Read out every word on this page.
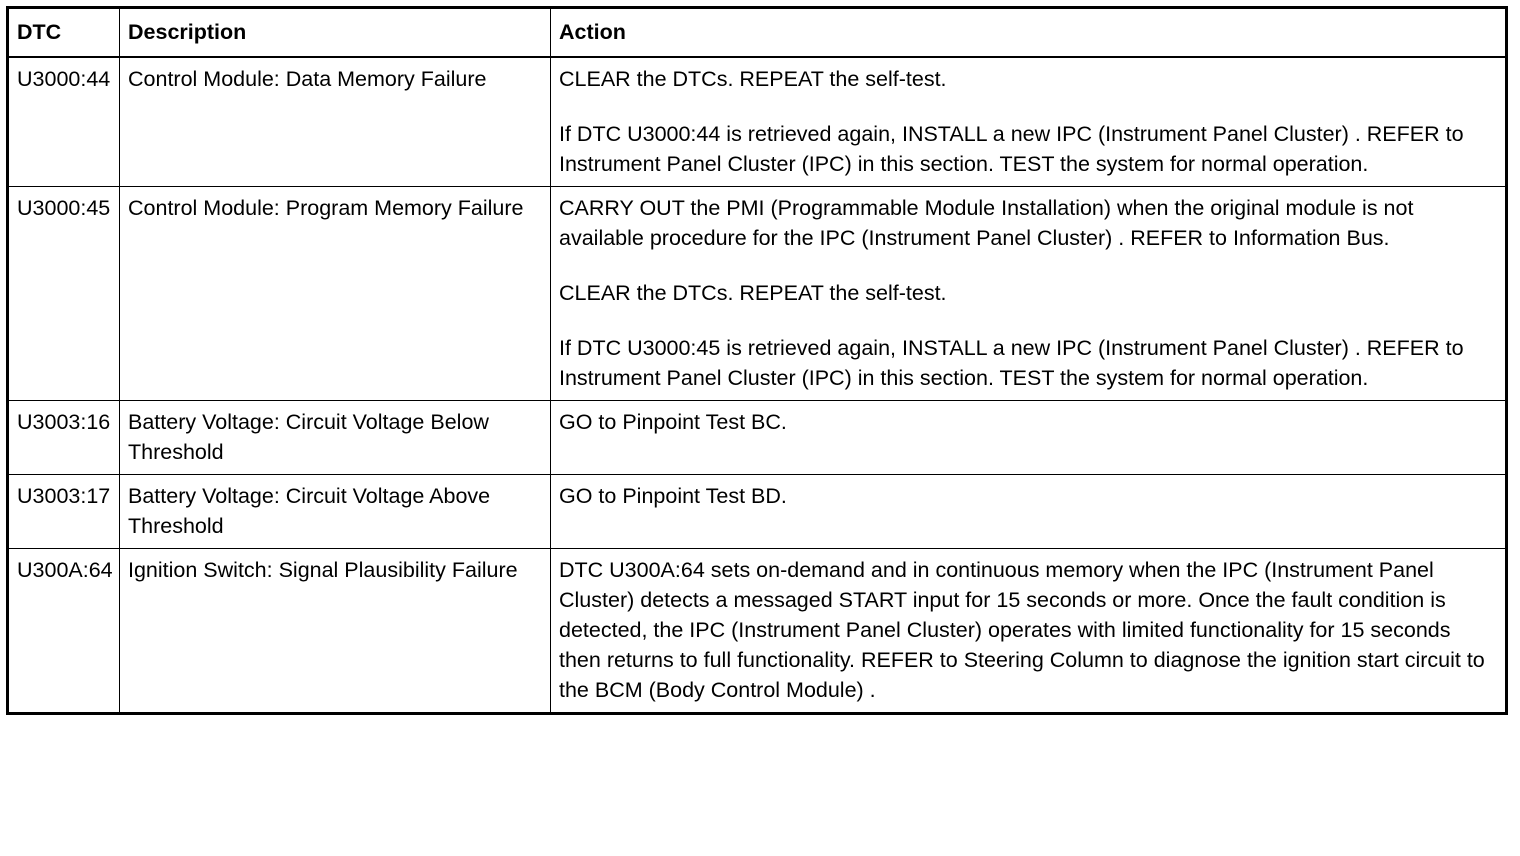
DTC	Description	Action
U3000:44	Control Module: Data Memory Failure	CLEAR the DTCs. REPEAT the self-test.

If DTC U3000:44 is retrieved again, INSTALL a new IPC (Instrument Panel Cluster) . REFER to Instrument Panel Cluster (IPC) in this section. TEST the system for normal operation.

U3000:45	Control Module: Program Memory Failure	CARRY OUT the PMI (Programmable Module Installation) when the original module is not available procedure for the IPC (Instrument Panel Cluster) . REFER to Information Bus.

CLEAR the DTCs. REPEAT the self-test.

If DTC U3000:45 is retrieved again, INSTALL a new IPC (Instrument Panel Cluster) . REFER to Instrument Panel Cluster (IPC) in this section. TEST the system for normal operation.

U3003:16	Battery Voltage: Circuit Voltage Below Threshold	GO to Pinpoint Test BC.

U3003:17	Battery Voltage: Circuit Voltage Above Threshold	GO to Pinpoint Test BD.

U300A:64	Ignition Switch: Signal Plausibility Failure	DTC U300A:64 sets on-demand and in continuous memory when the IPC (Instrument Panel Cluster) detects a messaged START input for 15 seconds or more. Once the fault condition is detected, the IPC (Instrument Panel Cluster) operates with limited functionality for 15 seconds then returns to full functionality. REFER to Steering Column to diagnose the ignition start circuit to the BCM (Body Control Module) .
